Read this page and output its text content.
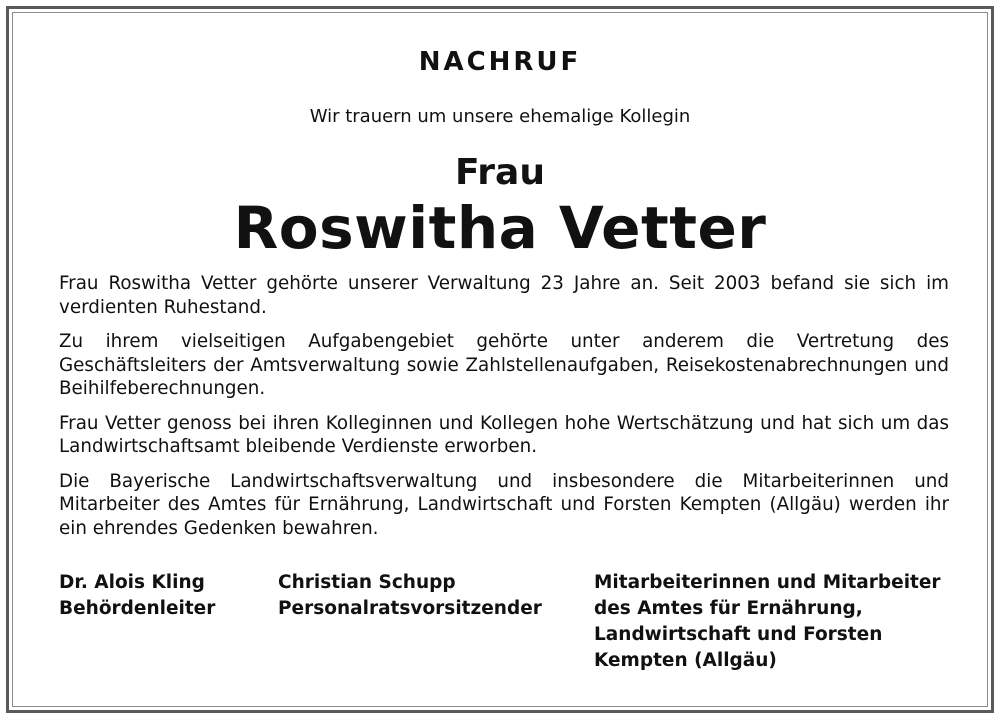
NACHRUF
Wir trauern um unsere ehemalige Kollegin
Frau
Roswitha Vetter

Frau Roswitha Vetter gehörte unserer Verwaltung 23 Jahre an. Seit 2003 befand sie sich im verdienten Ruhestand.

Zu ihrem vielseitigen Aufgabengebiet gehörte unter anderem die Vertretung des Geschäftsleiters der Amtsverwaltung sowie Zahlstellenaufgaben, Reisekostenabrechnungen und Beihilfeberechnungen.

Frau Vetter genoss bei ihren Kolleginnen und Kollegen hohe Wertschätzung und hat sich um das Landwirtschaftsamt bleibende Verdienste erworben.

Die Bayerische Landwirtschaftsverwaltung und insbesondere die Mitarbeiterinnen und Mitarbeiter des Amtes für Ernährung, Landwirtschaft und Forsten Kempten (Allgäu) werden ihr ein ehrendes Gedenken bewahren.

Dr. Alois Kling
Behördenleiter
Christian Schupp
Personalratsvorsitzender
Mitarbeiterinnen und Mitarbeiter
des Amtes für Ernährung,
Landwirtschaft und Forsten
Kempten (Allgäu)
